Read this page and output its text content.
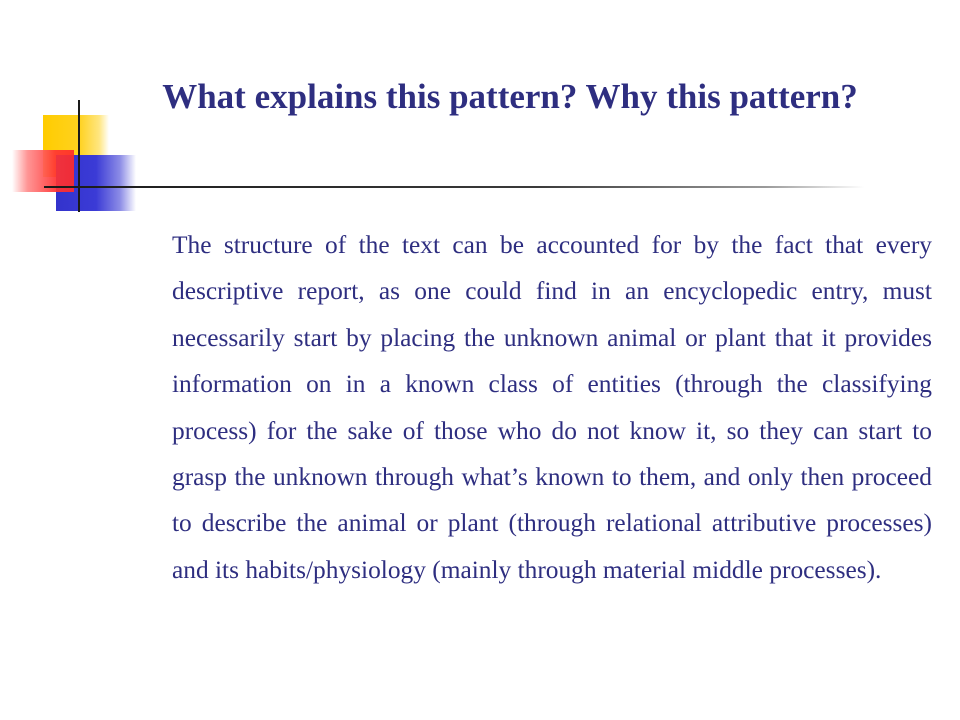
What explains this pattern? Why this pattern?

The structure of the text can be accounted for by the fact that every descriptive report, as one could find in an encyclopedic entry, must necessarily start by placing the unknown animal or plant that it provides information on in a known class of entities (through the classifying process) for the sake of those who do not know it, so they can start to grasp the unknown through what’s known to them, and only then proceed to describe the animal or plant (through relational attributive processes) and its habits/physiology (mainly through material middle processes).
